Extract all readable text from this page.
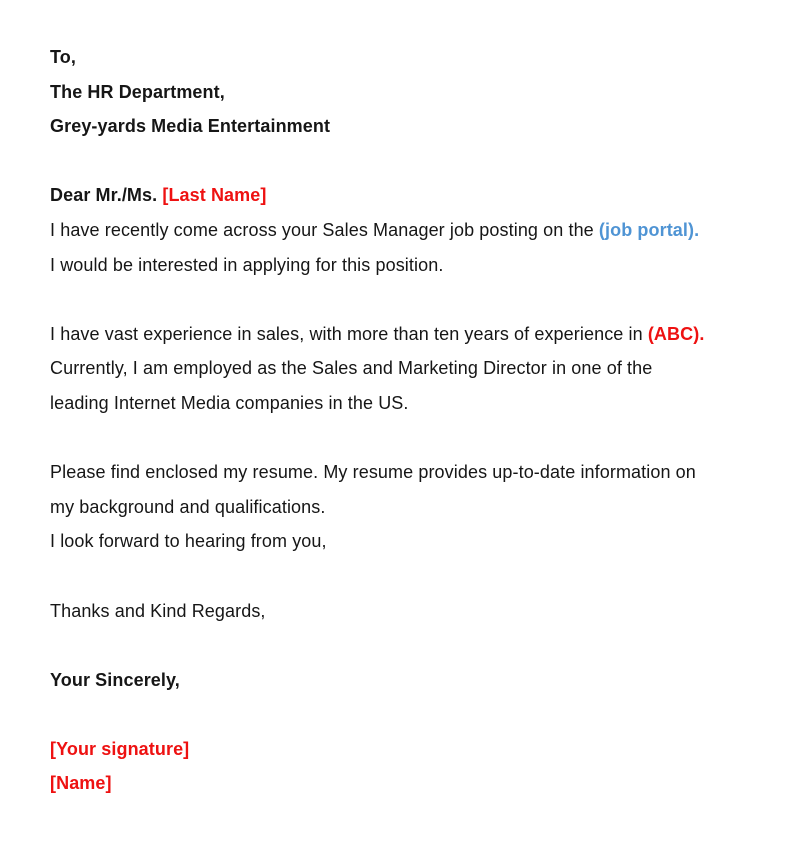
To,
The HR Department,
Grey-yards Media Entertainment
Dear Mr./Ms. [Last Name]
I have recently come across your Sales Manager job posting on the (job portal).
I would be interested in applying for this position.
I have vast experience in sales, with more than ten years of experience in (ABC).
Currently, I am employed as the Sales and Marketing Director in one of the
leading Internet Media companies in the US.
Please find enclosed my resume. My resume provides up-to-date information on
my background and qualifications.
I look forward to hearing from you,
Thanks and Kind Regards,
Your Sincerely,
[Your signature]
[Name]
